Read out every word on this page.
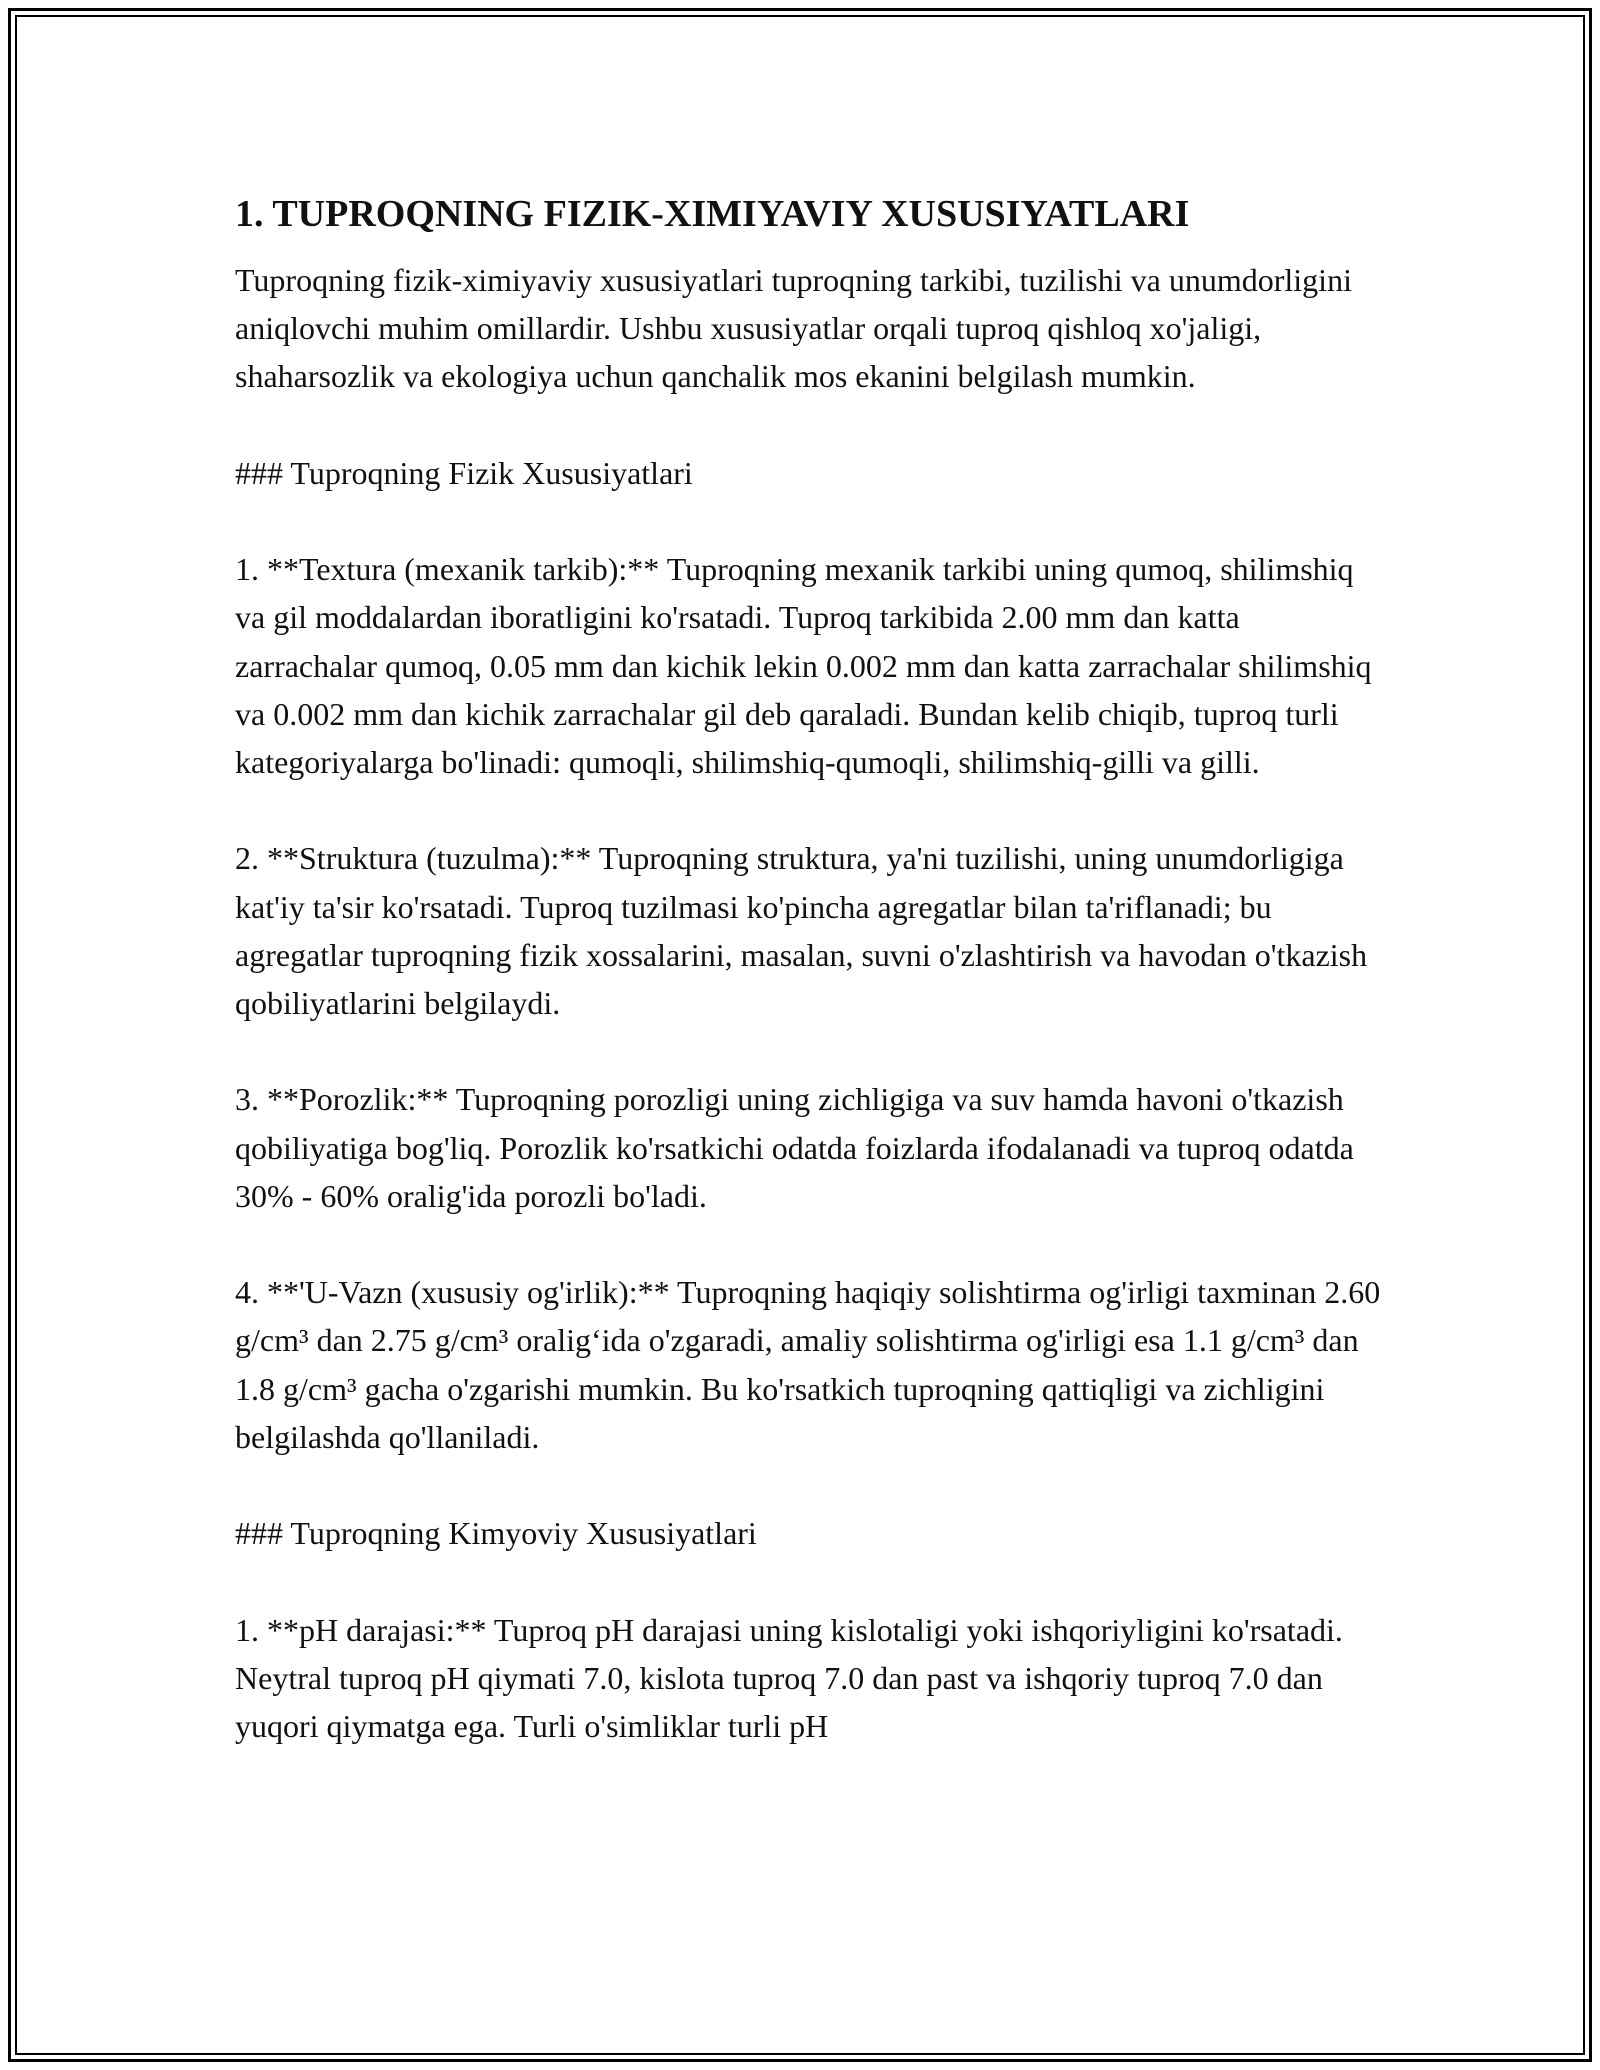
1. TUPROQNING FIZIK-XIMIYAVIY XUSUSIYATLARI

Tuproqning fizik-ximiyaviy xususiyatlari tuproqning tarkibi, tuzilishi va unumdorligini aniqlovchi muhim omillardir. Ushbu xususiyatlar orqali tuproq qishloq xo'jaligi, shaharsozlik va ekologiya uchun qanchalik mos ekanini belgilash mumkin.

### Tuproqning Fizik Xususiyatlari

1. **Textura (mexanik tarkib):** Tuproqning mexanik tarkibi uning qumoq, shilimshiq va gil moddalardan iboratligini ko'rsatadi. Tuproq tarkibida 2.00 mm dan katta zarrachalar qumoq, 0.05 mm dan kichik lekin 0.002 mm dan katta zarrachalar shilimshiq va 0.002 mm dan kichik zarrachalar gil deb qaraladi. Bundan kelib chiqib, tuproq turli kategoriyalarga bo'linadi: qumoqli, shilimshiq-qumoqli, shilimshiq-gilli va gilli.

2. **Struktura (tuzulma):** Tuproqning struktura, ya'ni tuzilishi, uning unumdorligiga kat'iy ta'sir ko'rsatadi. Tuproq tuzilmasi ko'pincha agregatlar bilan ta'riflanadi; bu agregatlar tuproqning fizik xossalarini, masalan, suvni o'zlashtirish va havodan o'tkazish qobiliyatlarini belgilaydi.

3. **Porozlik:** Tuproqning porozligi uning zichligiga va suv hamda havoni o'tkazish qobiliyatiga bog'liq. Porozlik ko'rsatkichi odatda foizlarda ifodalanadi va tuproq odatda 30% - 60% oralig'ida porozli bo'ladi.

4. **'U-Vazn (xususiy og'irlik):** Tuproqning haqiqiy solishtirma og'irligi taxminan 2.60 g/cm³ dan 2.75 g/cm³ oralig‘ida o'zgaradi, amaliy solishtirma og'irligi esa 1.1 g/cm³ dan 1.8 g/cm³ gacha o'zgarishi mumkin. Bu ko'rsatkich tuproqning qattiqligi va zichligini belgilashda qo'llaniladi.

### Tuproqning Kimyoviy Xususiyatlari

1. **pH darajasi:** Tuproq pH darajasi uning kislotaligi yoki ishqoriyligini ko'rsatadi. Neytral tuproq pH qiymati 7.0, kislota tuproq 7.0 dan past va ishqoriy tuproq 7.0 dan yuqori qiymatga ega. Turli o'simliklar turli pH
